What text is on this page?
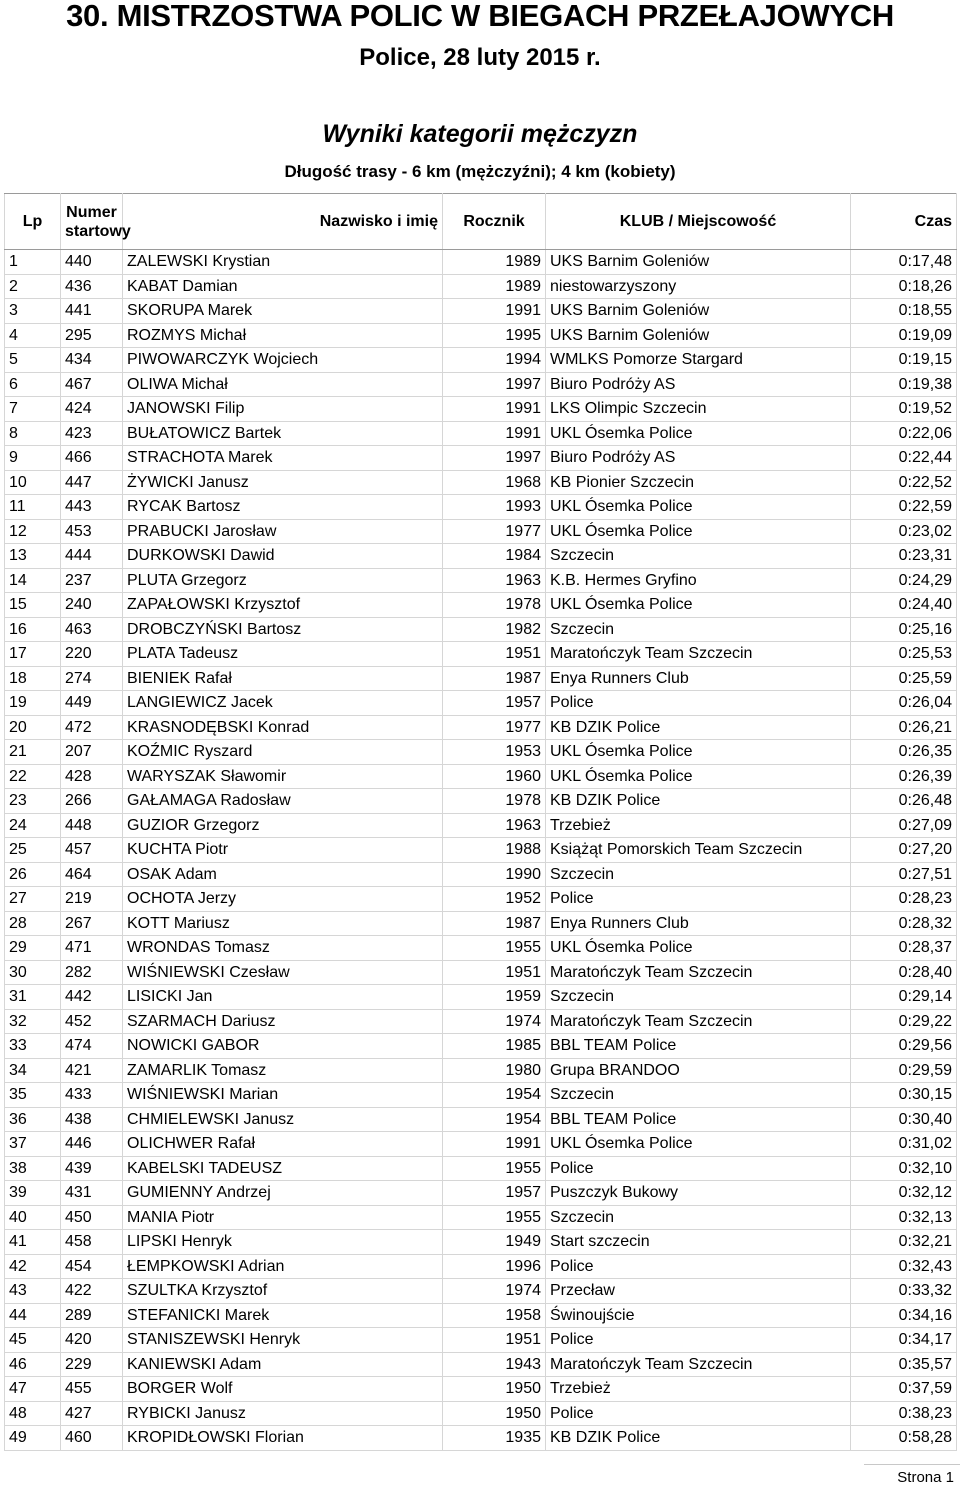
30. MISTRZOSTWA POLIC W BIEGACH PRZEŁAJOWYCH
Police, 28 luty 2015 r.
Wyniki kategorii mężczyzn
Długość trasy - 6 km (mężczyźni); 4 km (kobiety)
Lp	Numer startowy	Nazwisko i imię	Rocznik	KLUB / Miejscowość	Czas
1	440	ZALEWSKI Krystian	1989	UKS Barnim Goleniów	0:17,48
2	436	KABAT Damian	1989	niestowarzyszony	0:18,26
3	441	SKORUPA Marek	1991	UKS Barnim Goleniów	0:18,55
4	295	ROZMYS Michał	1995	UKS Barnim Goleniów	0:19,09
5	434	PIWOWARCZYK Wojciech	1994	WMLKS Pomorze Stargard	0:19,15
6	467	OLIWA Michał	1997	Biuro Podróży AS	0:19,38
7	424	JANOWSKI Filip	1991	LKS Olimpic Szczecin	0:19,52
8	423	BUŁATOWICZ Bartek	1991	UKL Ósemka Police	0:22,06
9	466	STRACHOTA Marek	1997	Biuro Podróży AS	0:22,44
10	447	ŻYWICKI Janusz	1968	KB Pionier Szczecin	0:22,52
11	443	RYCAK Bartosz	1993	UKL Ósemka Police	0:22,59
12	453	PRABUCKI Jarosław	1977	UKL Ósemka Police	0:23,02
13	444	DURKOWSKI Dawid	1984	Szczecin	0:23,31
14	237	PLUTA Grzegorz	1963	K.B. Hermes Gryfino	0:24,29
15	240	ZAPAŁOWSKI Krzysztof	1978	UKL Ósemka Police	0:24,40
16	463	DROBCZYŃSKI Bartosz	1982	Szczecin	0:25,16
17	220	PLATA Tadeusz	1951	Maratończyk Team Szczecin	0:25,53
18	274	BIENIEK Rafał	1987	Enya Runners Club	0:25,59
19	449	LANGIEWICZ Jacek	1957	Police	0:26,04
20	472	KRASNODĘBSKI Konrad	1977	KB DZIK Police	0:26,21
21	207	KOŹMIC Ryszard	1953	UKL Ósemka Police	0:26,35
22	428	WARYSZAK Sławomir	1960	UKL Ósemka Police	0:26,39
23	266	GAŁAMAGA Radosław	1978	KB DZIK Police	0:26,48
24	448	GUZIOR Grzegorz	1963	Trzebież	0:27,09
25	457	KUCHTA Piotr	1988	Książąt Pomorskich Team Szczecin	0:27,20
26	464	OSAK Adam	1990	Szczecin	0:27,51
27	219	OCHOTA Jerzy	1952	Police	0:28,23
28	267	KOTT Mariusz	1987	Enya Runners Club	0:28,32
29	471	WRONDAS Tomasz	1955	UKL Ósemka Police	0:28,37
30	282	WIŚNIEWSKI Czesław	1951	Maratończyk Team Szczecin	0:28,40
31	442	LISICKI Jan	1959	Szczecin	0:29,14
32	452	SZARMACH Dariusz	1974	Maratończyk Team Szczecin	0:29,22
33	474	NOWICKI GABOR	1985	BBL TEAM Police	0:29,56
34	421	ZAMARLIK Tomasz	1980	Grupa BRANDOO	0:29,59
35	433	WIŚNIEWSKI Marian	1954	Szczecin	0:30,15
36	438	CHMIELEWSKI Janusz	1954	BBL TEAM Police	0:30,40
37	446	OLICHWER Rafał	1991	UKL Ósemka Police	0:31,02
38	439	KABELSKI TADEUSZ	1955	Police	0:32,10
39	431	GUMIENNY Andrzej	1957	Puszczyk Bukowy	0:32,12
40	450	MANIA Piotr	1955	Szczecin	0:32,13
41	458	LIPSKI Henryk	1949	Start szczecin	0:32,21
42	454	ŁEMPKOWSKI Adrian	1996	Police	0:32,43
43	422	SZULTKA Krzysztof	1974	Przecław	0:33,32
44	289	STEFANICKI Marek	1958	Świnoujście	0:34,16
45	420	STANISZEWSKI Henryk	1951	Police	0:34,17
46	229	KANIEWSKI Adam	1943	Maratończyk Team Szczecin	0:35,57
47	455	BORGER Wolf	1950	Trzebież	0:37,59
48	427	RYBICKI Janusz	1950	Police	0:38,23
49	460	KROPIDŁOWSKI Florian	1935	KB DZIK Police	0:58,28
Strona 1
